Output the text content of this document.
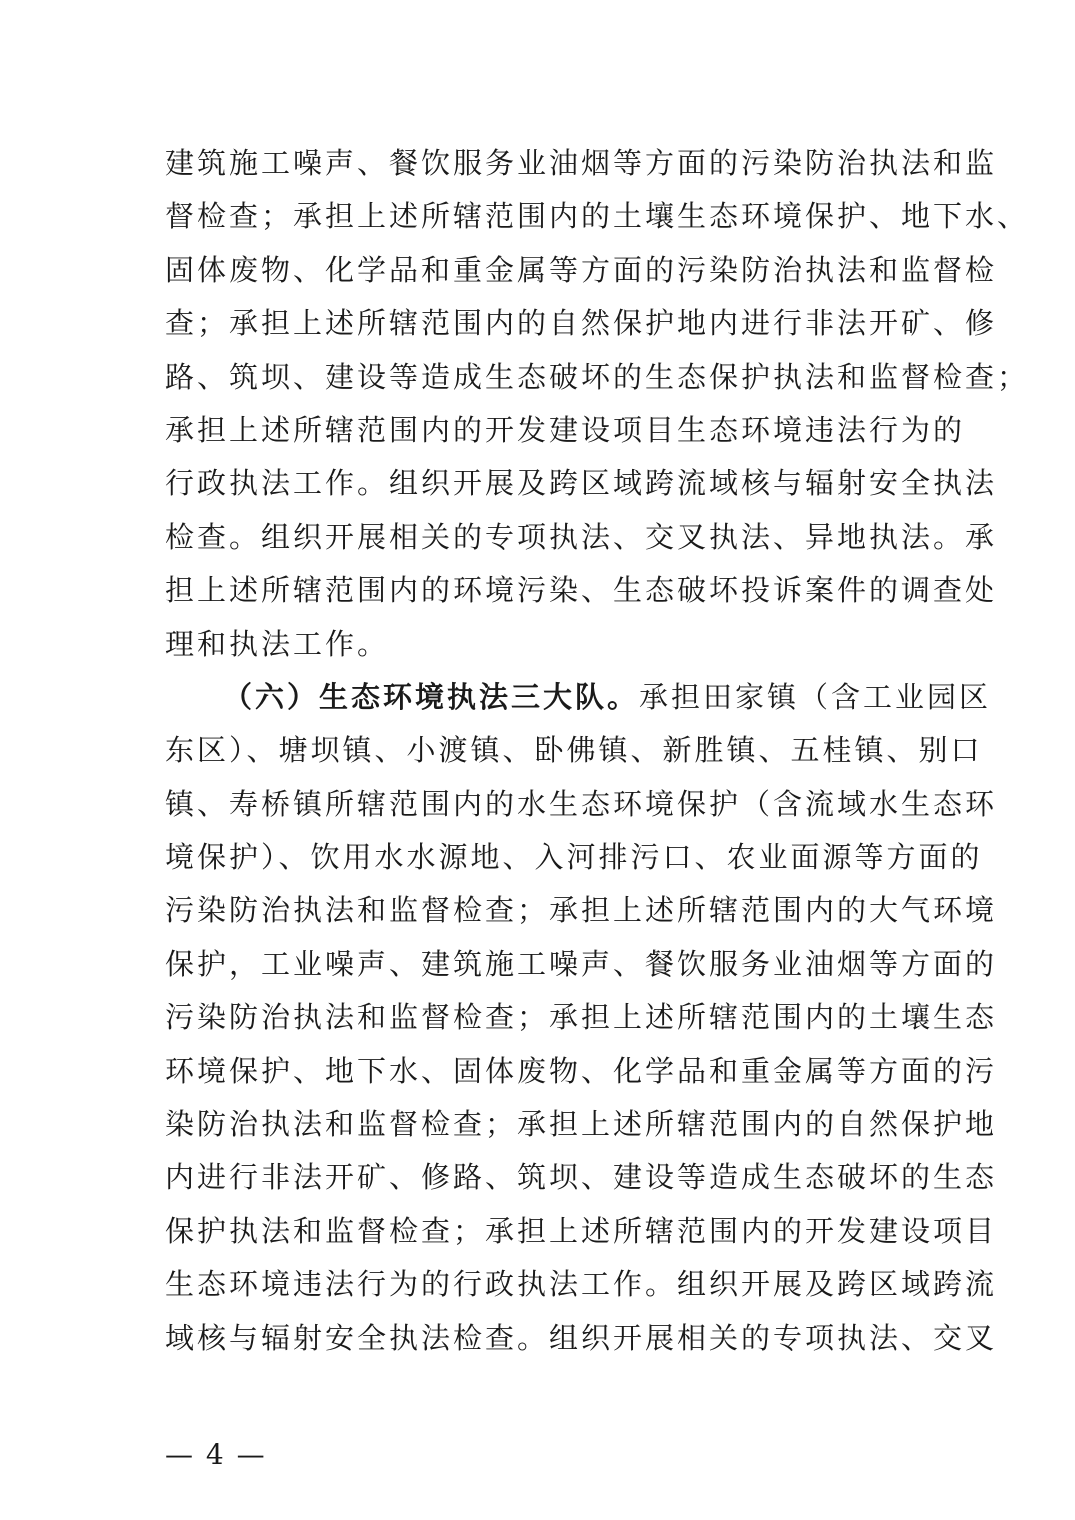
建筑施工噪声、餐饮服务业油烟等方面的污染防治执法和监
督检查；承担上述所辖范围内的土壤生态环境保护、地下水、
固体废物、化学品和重金属等方面的污染防治执法和监督检
查；承担上述所辖范围内的自然保护地内进行非法开矿、修
路、筑坝、建设等造成生态破坏的生态保护执法和监督检查；
承担上述所辖范围内的开发建设项目生态环境违法行为的
行政执法工作。组织开展及跨区域跨流域核与辐射安全执法
检查。组织开展相关的专项执法、交叉执法、异地执法。承
担上述所辖范围内的环境污染、生态破坏投诉案件的调查处
理和执法工作。
（六）生态环境执法三大队。承担田家镇（含工业园区
东区）、塘坝镇、小渡镇、卧佛镇、新胜镇、五桂镇、别口
镇、寿桥镇所辖范围内的水生态环境保护（含流域水生态环
境保护）、饮用水水源地、入河排污口、农业面源等方面的
污染防治执法和监督检查；承担上述所辖范围内的大气环境
保护，工业噪声、建筑施工噪声、餐饮服务业油烟等方面的
污染防治执法和监督检查；承担上述所辖范围内的土壤生态
环境保护、地下水、固体废物、化学品和重金属等方面的污
染防治执法和监督检查；承担上述所辖范围内的自然保护地
内进行非法开矿、修路、筑坝、建设等造成生态破坏的生态
保护执法和监督检查；承担上述所辖范围内的开发建设项目
生态环境违法行为的行政执法工作。组织开展及跨区域跨流
域核与辐射安全执法检查。组织开展相关的专项执法、交叉
— 4 —
